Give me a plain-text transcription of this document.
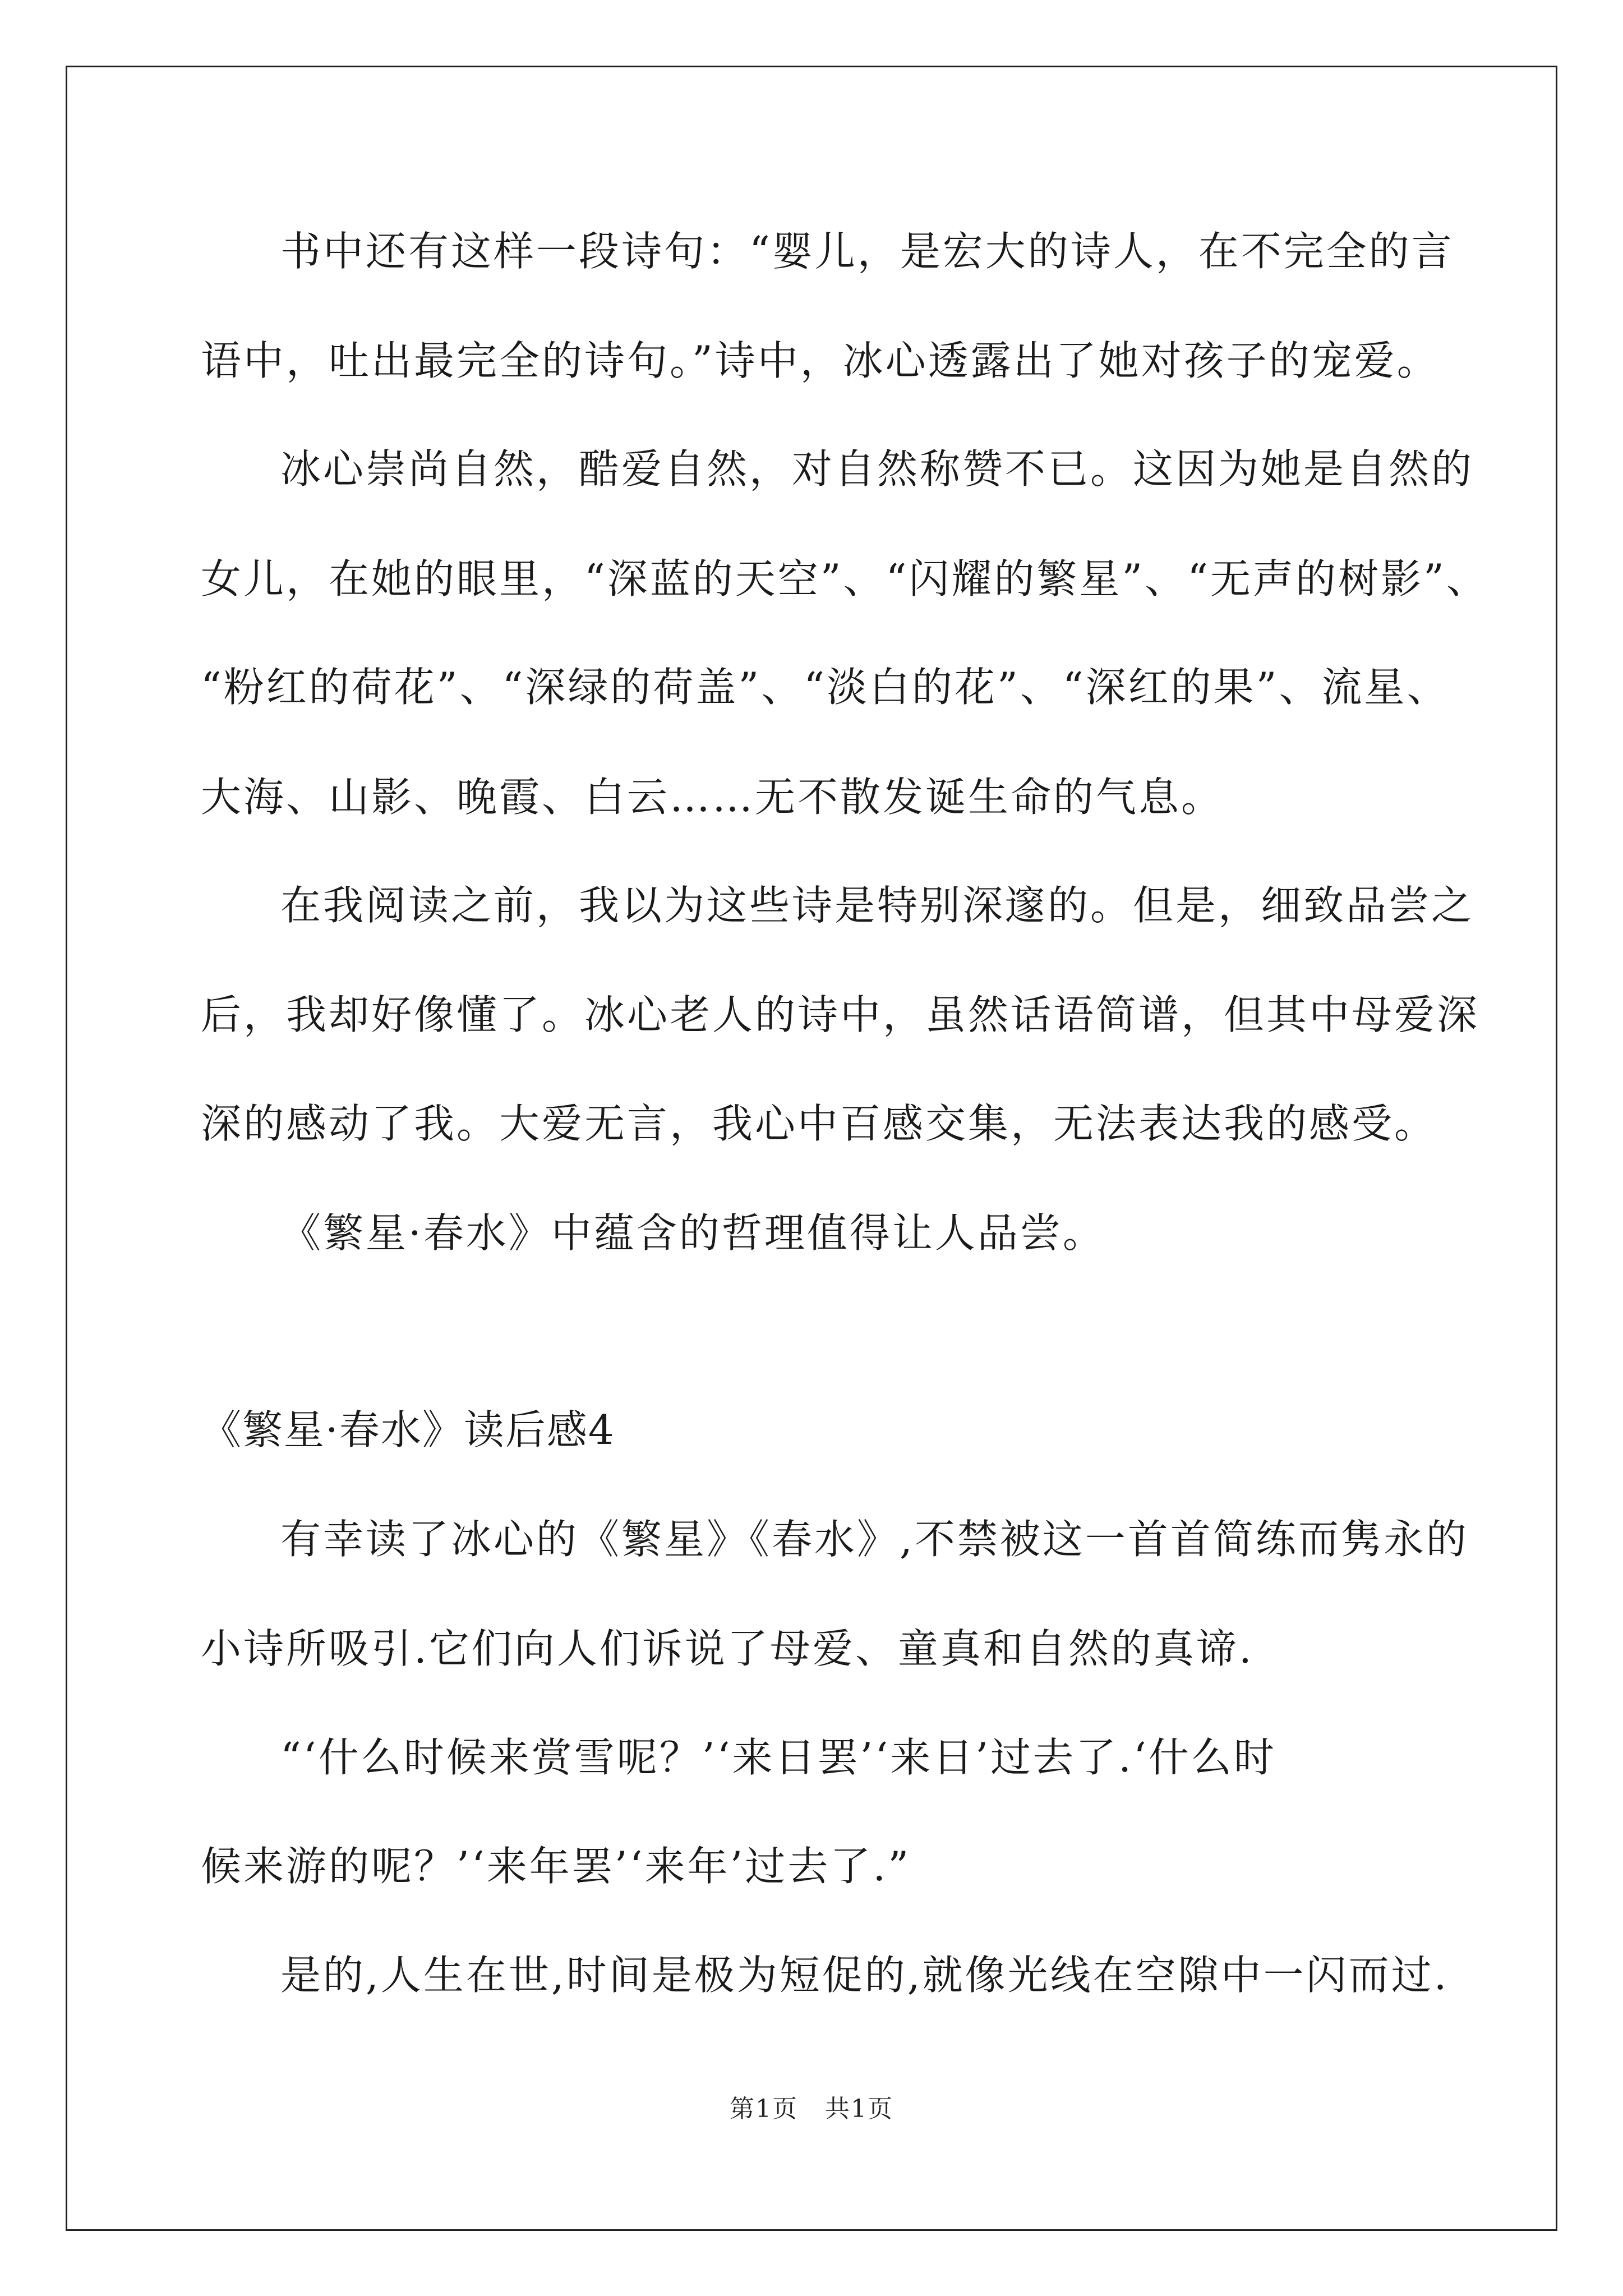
书中还有这样一段诗句：“婴儿，是宏大的诗人，在不完全的言
语中，吐出最完全的诗句。”诗中，冰心透露出了她对孩子的宠爱。
冰心崇尚自然，酷爱自然，对自然称赞不已。这因为她是自然的
女儿，在她的眼里，“深蓝的天空”、“闪耀的繁星”、“无声的树影”、
“粉红的荷花”、“深绿的荷盖”、“淡白的花”、“深红的果”、流星、
大海、山影、晚霞、白云……无不散发诞生命的气息。
在我阅读之前，我以为这些诗是特别深邃的。但是，细致品尝之
后，我却好像懂了。冰心老人的诗中，虽然话语简谱，但其中母爱深
深的感动了我。大爱无言，我心中百感交集，无法表达我的感受。
《繁星·春水》中蕴含的哲理值得让人品尝。
《繁星·春水》读后感4
有幸读了冰心的《繁星》《春水》,不禁被这一首首简练而隽永的
小诗所吸引.它们向人们诉说了母爱、童真和自然的真谛.
“‘什么时候来赏雪呢？’‘来日罢’‘来日’过去了.‘什么时
候来游的呢？’‘来年罢’‘来年’过去了.”
是的,人生在世,时间是极为短促的,就像光线在空隙中一闪而过.
第1页   共1页
